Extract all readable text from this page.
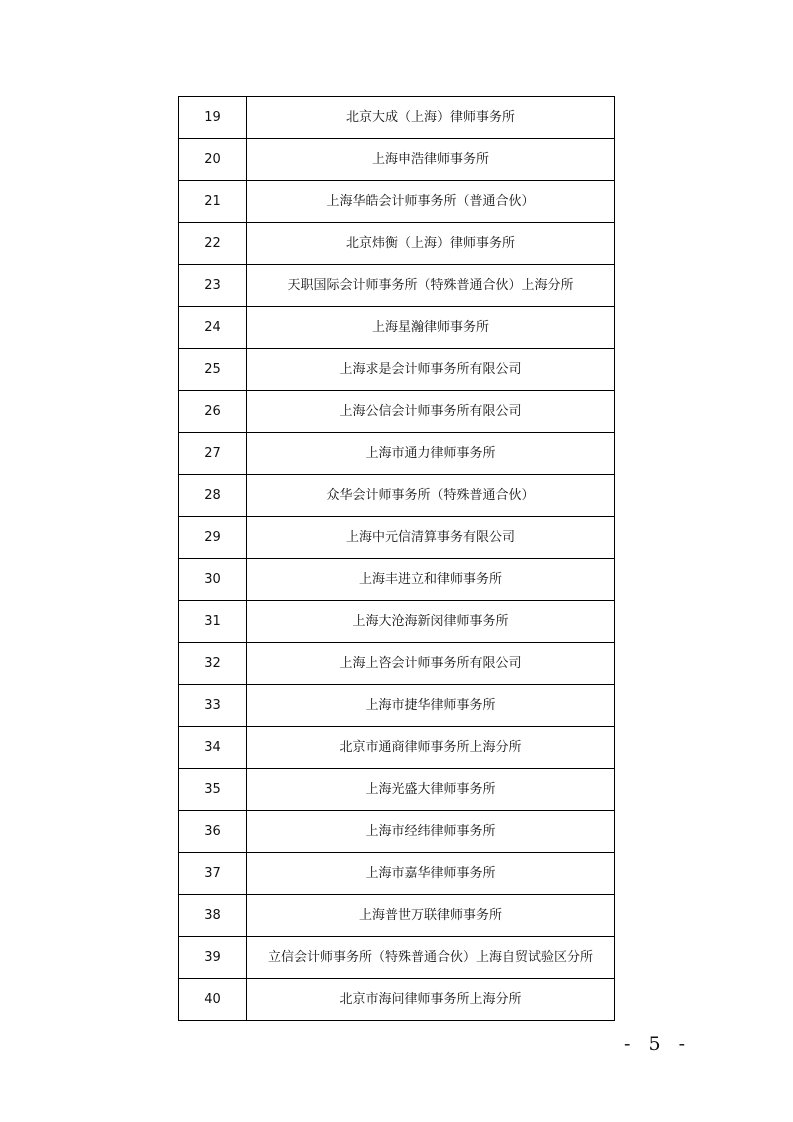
19	北京大成（上海）律师事务所
20	上海申浩律师事务所
21	上海华皓会计师事务所（普通合伙）
22	北京炜衡（上海）律师事务所
23	天职国际会计师事务所（特殊普通合伙）上海分所
24	上海星瀚律师事务所
25	上海求是会计师事务所有限公司
26	上海公信会计师事务所有限公司
27	上海市通力律师事务所
28	众华会计师事务所（特殊普通合伙）
29	上海中元信清算事务有限公司
30	上海丰进立和律师事务所
31	上海大沧海新闵律师事务所
32	上海上咨会计师事务所有限公司
33	上海市捷华律师事务所
34	北京市通商律师事务所上海分所
35	上海光盛大律师事务所
36	上海市经纬律师事务所
37	上海市嘉华律师事务所
38	上海普世万联律师事务所
39	立信会计师事务所（特殊普通合伙）上海自贸试验区分所
40	北京市海问律师事务所上海分所
- 5 -
